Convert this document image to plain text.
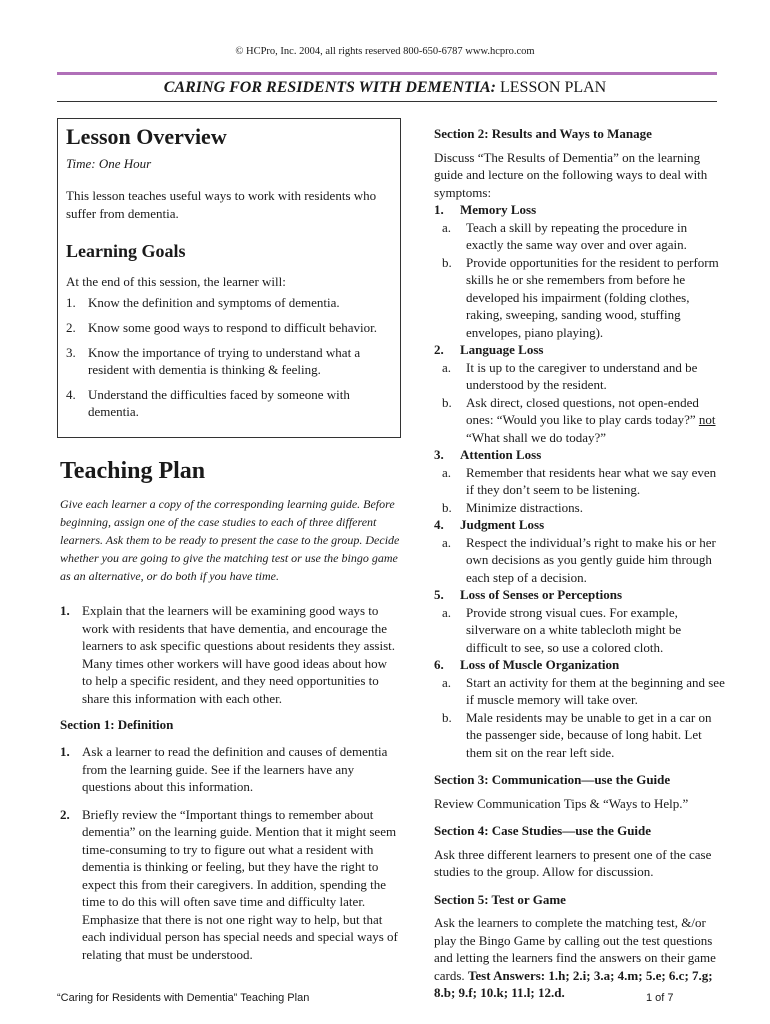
© HCPro, Inc. 2004, all rights reserved 800-650-6787 www.hcpro.com
CARING FOR RESIDENTS WITH DEMENTIA: LESSON PLAN
Lesson Overview
Time: One Hour

This lesson teaches useful ways to work with residents who suffer from dementia.

Learning Goals

At the end of this session, the learner will:

1. Know the definition and symptoms of dementia.
2. Know some good ways to respond to difficult behavior.
3. Know the importance of trying to understand what a resident with dementia is thinking & feeling.
4. Understand the difficulties faced by someone with dementia.
Teaching Plan
Give each learner a copy of the corresponding learning guide. Before beginning, assign one of the case studies to each of three different learners. Ask them to be ready to present the case to the group. Decide whether you are going to give the matching test or use the bingo game as an alternative, or do both if you have time.
1. Explain that the learners will be examining good ways to work with residents that have dementia, and encourage the learners to ask specific questions about residents they assist. Many times other workers will have good ideas about how to help a specific resident, and they need opportunities to share this information with each other.
Section 1: Definition
1. Ask a learner to read the definition and causes of dementia from the learning guide. See if the learners have any questions about this information.
2. Briefly review the “Important things to remember about dementia” on the learning guide. Mention that it might seem time-consuming to try to figure out what a resident with dementia is thinking or feeling, but they have the right to expect this from their caregivers. In addition, spending the time to do this will often save time and difficulty later. Emphasize that there is not one right way to help, but that each individual person has special needs and special ways of relating that must be understood.
Section 2: Results and Ways to Manage

Discuss “The Results of Dementia” on the learning guide and lecture on the following ways to deal with symptoms:

1.	Memory Loss
a.	Teach a skill by repeating the procedure in exactly the same way over and over again.
b.	Provide opportunities for the resident to perform skills he or she remembers from before he developed his impairment (folding clothes, raking, sweeping, sanding wood, stuffing envelopes, piano playing).
2.	Language Loss
a.	It is up to the caregiver to understand and be understood by the resident.
b.	Ask direct, closed questions, not open-ended ones: “Would you like to play cards today?” not “What shall we do today?”
3.	Attention Loss
a.	Remember that residents hear what we say even if they don’t seem to be listening.
b.	Minimize distractions.
4.	Judgment Loss
a.	Respect the individual’s right to make his or her own decisions as you gently guide him through each step of a decision.
5.	Loss of Senses or Perceptions
a.	Provide strong visual cues. For example, silverware on a white tablecloth might be difficult to see, so use a colored cloth.
6.	Loss of Muscle Organization
a.	Start an activity for them at the beginning and see if muscle memory will take over.
b.	Male residents may be unable to get in a car on the passenger side, because of long habit. Let them sit on the rear left side.
Section 3: Communication—use the Guide

Review Communication Tips & “Ways to Help.”

Section 4: Case Studies—use the Guide

Ask three different learners to present one of the case studies to the group. Allow for discussion.

Section 5: Test or Game

Ask the learners to complete the matching test, &/or play the Bingo Game by calling out the test questions and letting the learners find the answers on their game cards. Test Answers: 1.h; 2.i; 3.a; 4.m; 5.e; 6.c; 7.g; 8.b; 9.f; 10.k; 11.l; 12.d.

“Caring for Residents with Dementia” Teaching Plan	1 of 7
